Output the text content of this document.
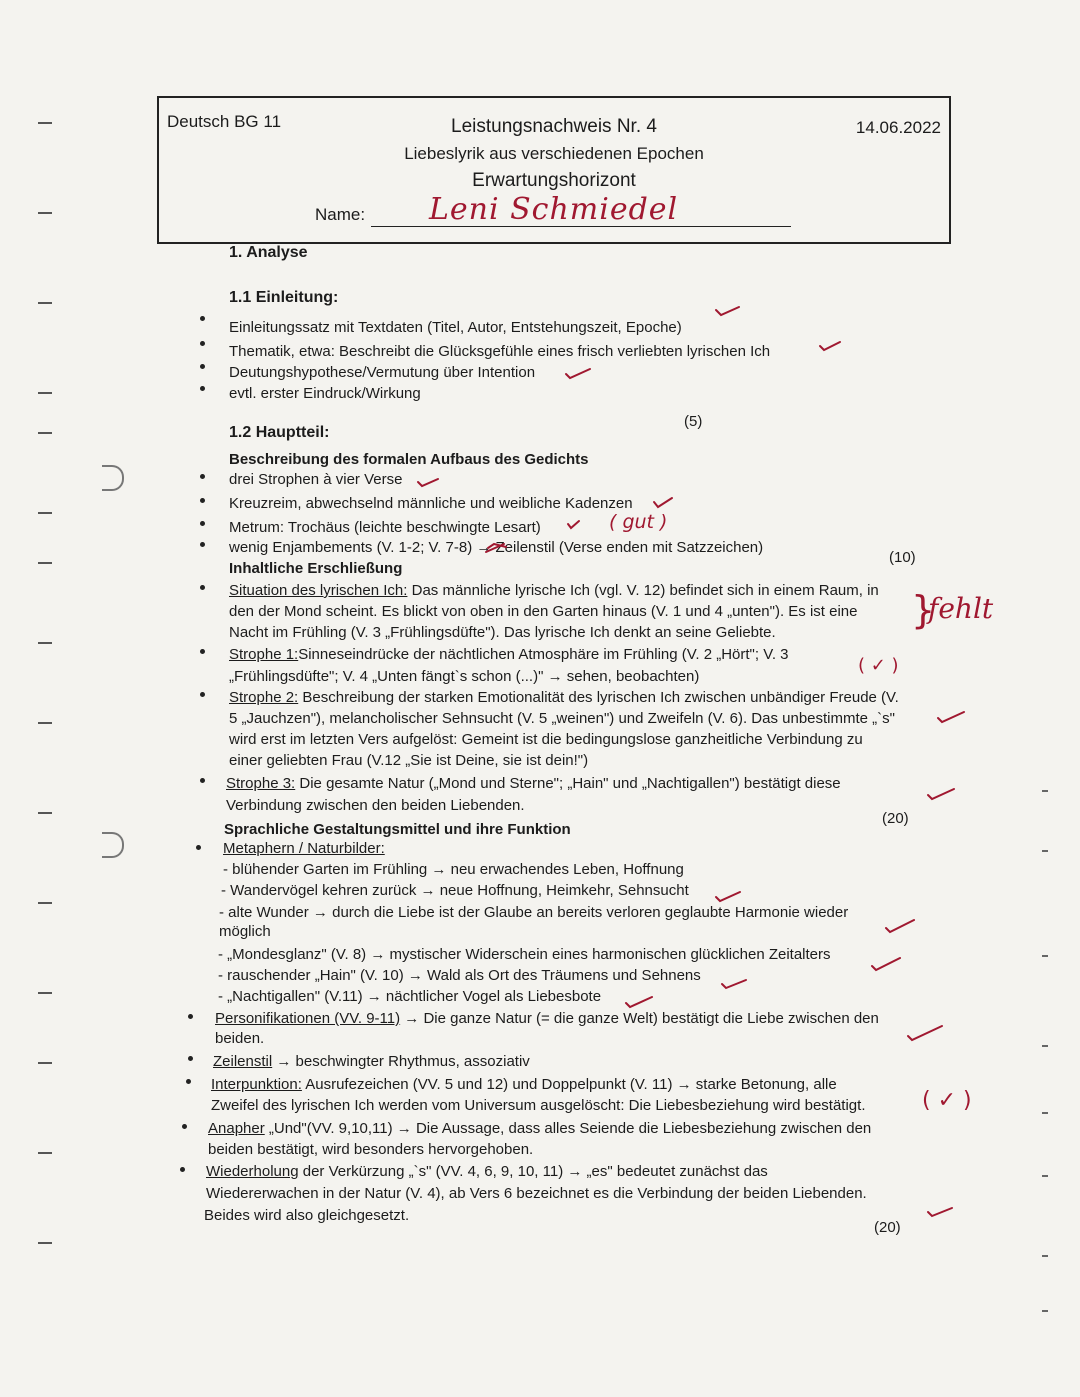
Deutsch BG 11	14.06.2022
Leistungsnachweis Nr. 4
Liebeslyrik aus verschiedenen Epochen
Erwartungshorizont
Name: Leni Schmiedel
1. Analyse
1.1 Einleitung:
Einleitungssatz mit Textdaten (Titel, Autor, Entstehungszeit, Epoche)
Thematik, etwa: Beschreibt die Glücksgefühle eines frisch verliebten lyrischen Ich
Deutungshypothese/Vermutung über Intention
evtl. erster Eindruck/Wirkung
(5)
1.2 Hauptteil:
Beschreibung des formalen Aufbaus des Gedichts
drei Strophen à vier Verse
Kreuzreim, abwechselnd männliche und weibliche Kadenzen
Metrum: Trochäus (leichte beschwingte Lesart)
wenig Enjambements (V. 1-2; V. 7-8) → Zeilenstil (Verse enden mit Satzzeichen)
(10)
Inhaltliche Erschließung
Situation des lyrischen Ich: Das männliche lyrische Ich (vgl. V. 12) befindet sich in einem Raum, in
den der Mond scheint. Es blickt von oben in den Garten hinaus (V. 1 und 4 „unten"). Es ist eine
Nacht im Frühling (V. 3 „Frühlingsdüfte"). Das lyrische Ich denkt an seine Geliebte.
Strophe 1:Sinneseindrücke der nächtlichen Atmosphäre im Frühling (V. 2 „Hört"; V. 3
„Frühlingsdüfte"; V. 4 „Unten fängt`s schon (...)" → sehen, beobachten)
Strophe 2: Beschreibung der starken Emotionalität des lyrischen Ich zwischen unbändiger Freude (V.
5 „Jauchzen"), melancholischer Sehnsucht (V. 5 „weinen") und Zweifeln (V. 6). Das unbestimmte „`s"
wird erst im letzten Vers aufgelöst: Gemeint ist die bedingungslose ganzheitliche Verbindung zu
einer geliebten Frau (V.12 „Sie ist Deine, sie ist dein!")
Strophe 3: Die gesamte Natur („Mond und Sterne"; „Hain" und „Nachtigallen") bestätigt diese
Verbindung zwischen den beiden Liebenden.
(20)
Sprachliche Gestaltungsmittel und ihre Funktion
Metaphern / Naturbilder:
- blühender Garten im Frühling → neu erwachendes Leben, Hoffnung
- Wandervögel kehren zurück → neue Hoffnung, Heimkehr, Sehnsucht
- alte Wunder → durch die Liebe ist der Glaube an bereits verloren geglaubte Harmonie wieder
möglich
- „Mondesglanz" (V. 8) → mystischer Widerschein eines harmonischen glücklichen Zeitalters
- rauschender „Hain" (V. 10) → Wald als Ort des Träumens und Sehnens
- „Nachtigallen" (V.11) → nächtlicher Vogel als Liebesbote
Personifikationen (VV. 9-11) → Die ganze Natur (= die ganze Welt) bestätigt die Liebe zwischen den
beiden.
Zeilenstil → beschwingter Rhythmus, assoziativ
Interpunktion: Ausrufezeichen (VV. 5 und 12) und Doppelpunkt (V. 11) → starke Betonung, alle
Zweifel des lyrischen Ich werden vom Universum ausgelöscht: Die Liebesbeziehung wird bestätigt.
Anapher „Und"(VV. 9,10,11) → Die Aussage, dass alles Seiende die Liebesbeziehung zwischen den
beiden bestätigt, wird besonders hervorgehoben.
Wiederholung der Verkürzung „`s" (VV. 4, 6, 9, 10, 11) → „es" bedeutet zunächst das
Wiedererwachen in der Natur (V. 4), ab Vers 6 bezeichnet es die Verbindung der beiden Liebenden.
Beides wird also gleichgesetzt.
(20)
( gut )
fehlt
}
( ✓ )
( ✓ )
